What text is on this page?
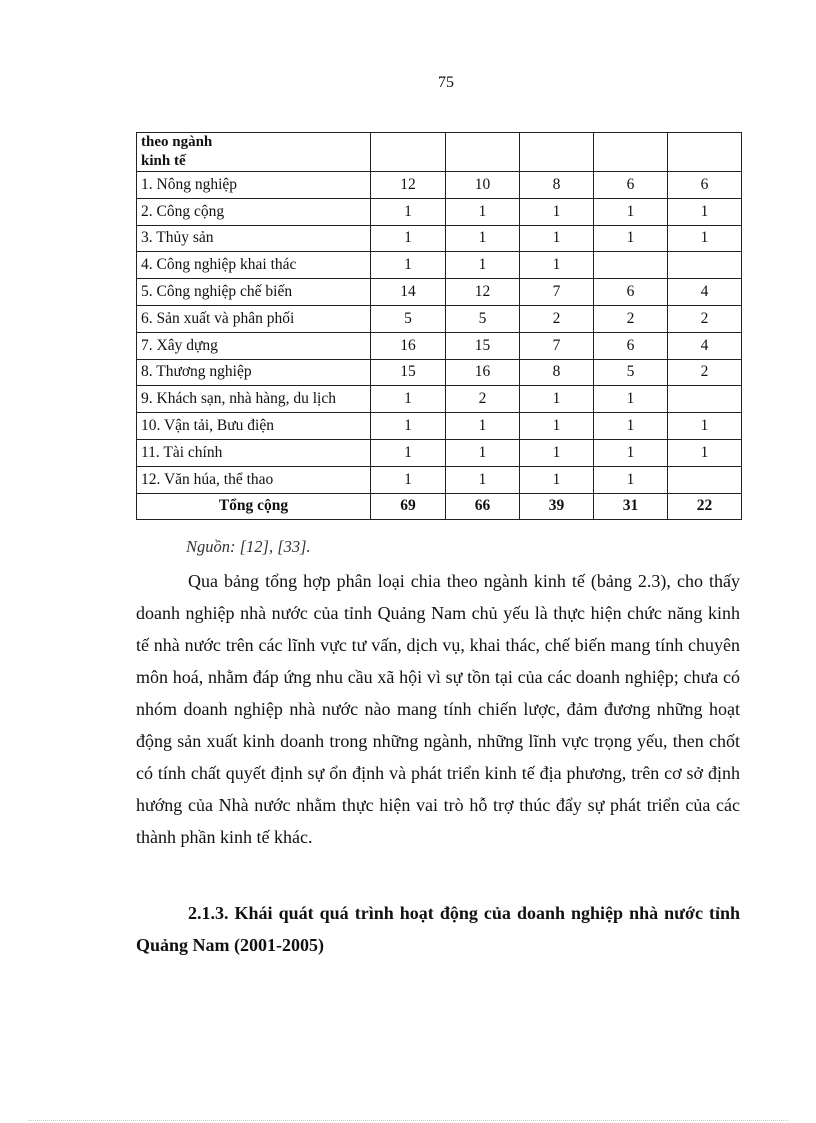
75
theo ngành
kinh tế					

1. Nông nghiệp	12	10	8	6	6
2. Công cộng	1	1	1	1	1
3. Thủy sản	1	1	1	1	1
4. Công nghiệp khai thác	1	1	1		
5. Công nghiệp chế biến	14	12	7	6	4
6. Sản xuất và phân phối	5	5	2	2	2
7. Xây dựng	16	15	7	6	4
8. Thương nghiệp	15	16	8	5	2
9. Khách sạn, nhà hàng, du lịch	1	2	1	1	
10. Vận tải, Bưu điện	1	1	1	1	1
11. Tài chính	1	1	1	1	1
12. Văn húa, thể thao	1	1	1	1	
Tổng cộng	69	66	39	31	22
Nguồn: [12], [33].

Qua bảng tổng hợp phân loại chia theo ngành kinh tế (bảng 2.3), cho thấy doanh nghiệp nhà nước của tỉnh Quảng Nam chủ yếu là thực hiện chức năng kinh tế nhà nước trên các lĩnh vực tư vấn, dịch vụ, khai thác, chế biến mang tính chuyên môn hoá, nhằm đáp ứng nhu cầu xã hội vì sự tồn tại của các doanh nghiệp; chưa có nhóm doanh nghiệp nhà nước nào mang tính chiến lược, đảm đương những hoạt động sản xuất kinh doanh trong những ngành, những lĩnh vực trọng yếu, then chốt có tính chất quyết định sự ổn định và phát triển kinh tế địa phương, trên cơ sở định hướng của Nhà nước nhằm thực hiện vai trò hỗ trợ thúc đẩy sự phát triển của các thành phần kinh tế khác.

2.1.3. Khái quát quá trình hoạt động của doanh nghiệp nhà nước tỉnh Quảng Nam (2001-2005)
